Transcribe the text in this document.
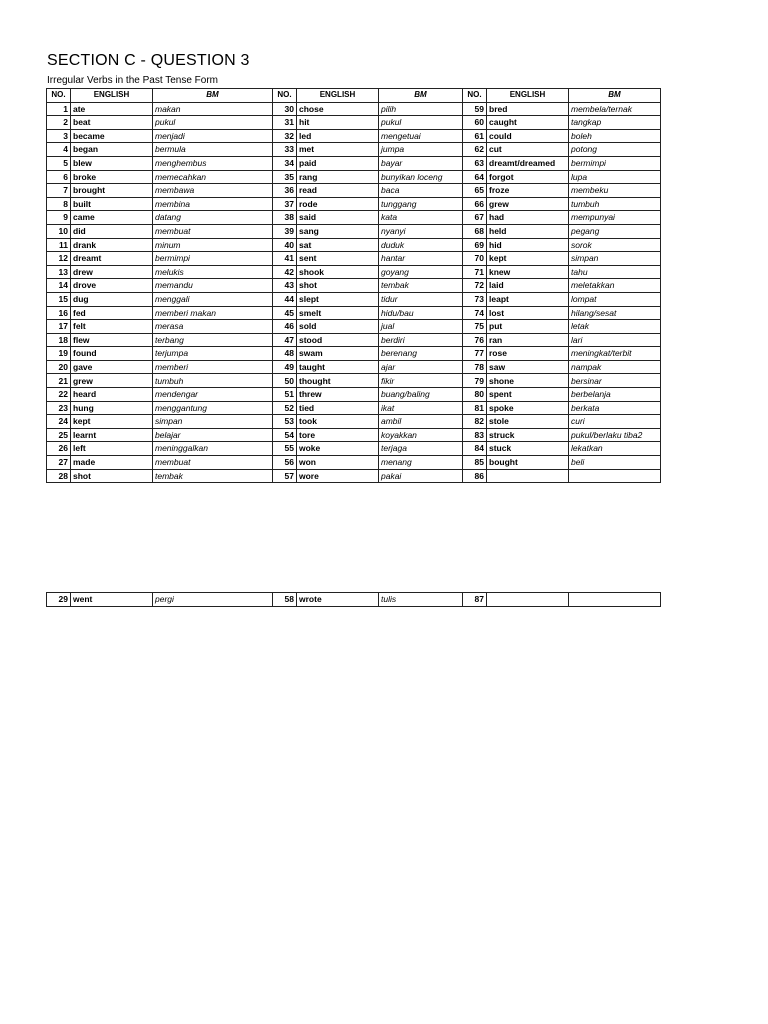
SECTION C - QUESTION 3
Irregular Verbs in the Past Tense Form
NO.	ENGLISH	BM	NO.	ENGLISH	BM	NO.	ENGLISH	BM
1	ate	makan	30	chose	pilih	59	bred	membela/ternak
2	beat	pukul	31	hit	pukul	60	caught	tangkap
3	became	menjadi	32	led	mengetuai	61	could	boleh
4	began	bermula	33	met	jumpa	62	cut	potong
5	blew	menghembus	34	paid	bayar	63	dreamt/dreamed	bermimpi
6	broke	memecahkan	35	rang	bunyikan loceng	64	forgot	lupa
7	brought	membawa	36	read	baca	65	froze	membeku
8	built	membina	37	rode	tunggang	66	grew	tumbuh
9	came	datang	38	said	kata	67	had	mempunyai
10	did	membuat	39	sang	nyanyi	68	held	pegang
11	drank	minum	40	sat	duduk	69	hid	sorok
12	dreamt	bermimpi	41	sent	hantar	70	kept	simpan
13	drew	melukis	42	shook	goyang	71	knew	tahu
14	drove	memandu	43	shot	tembak	72	laid	meletakkan
15	dug	menggali	44	slept	tidur	73	leapt	lompat
16	fed	memberi makan	45	smelt	hidu/bau	74	lost	hilang/sesat
17	felt	merasa	46	sold	jual	75	put	letak
18	flew	terbang	47	stood	berdiri	76	ran	lari
19	found	terjumpa	48	swam	berenang	77	rose	meningkat/terbit
20	gave	memberi	49	taught	ajar	78	saw	nampak
21	grew	tumbuh	50	thought	fikir	79	shone	bersinar
22	heard	mendengar	51	threw	buang/baling	80	spent	berbelanja
23	hung	menggantung	52	tied	ikat	81	spoke	berkata
24	kept	simpan	53	took	ambil	82	stole	curi
25	learnt	belajar	54	tore	koyakkan	83	struck	pukul/berlaku tiba2
26	left	meninggalkan	55	woke	terjaga	84	stuck	lekatkan
27	made	membuat	56	won	menang	85	bought	beli
28	shot	tembak	57	wore	pakai	86		
29	went	pergi	58	wrote	tulis	87		
